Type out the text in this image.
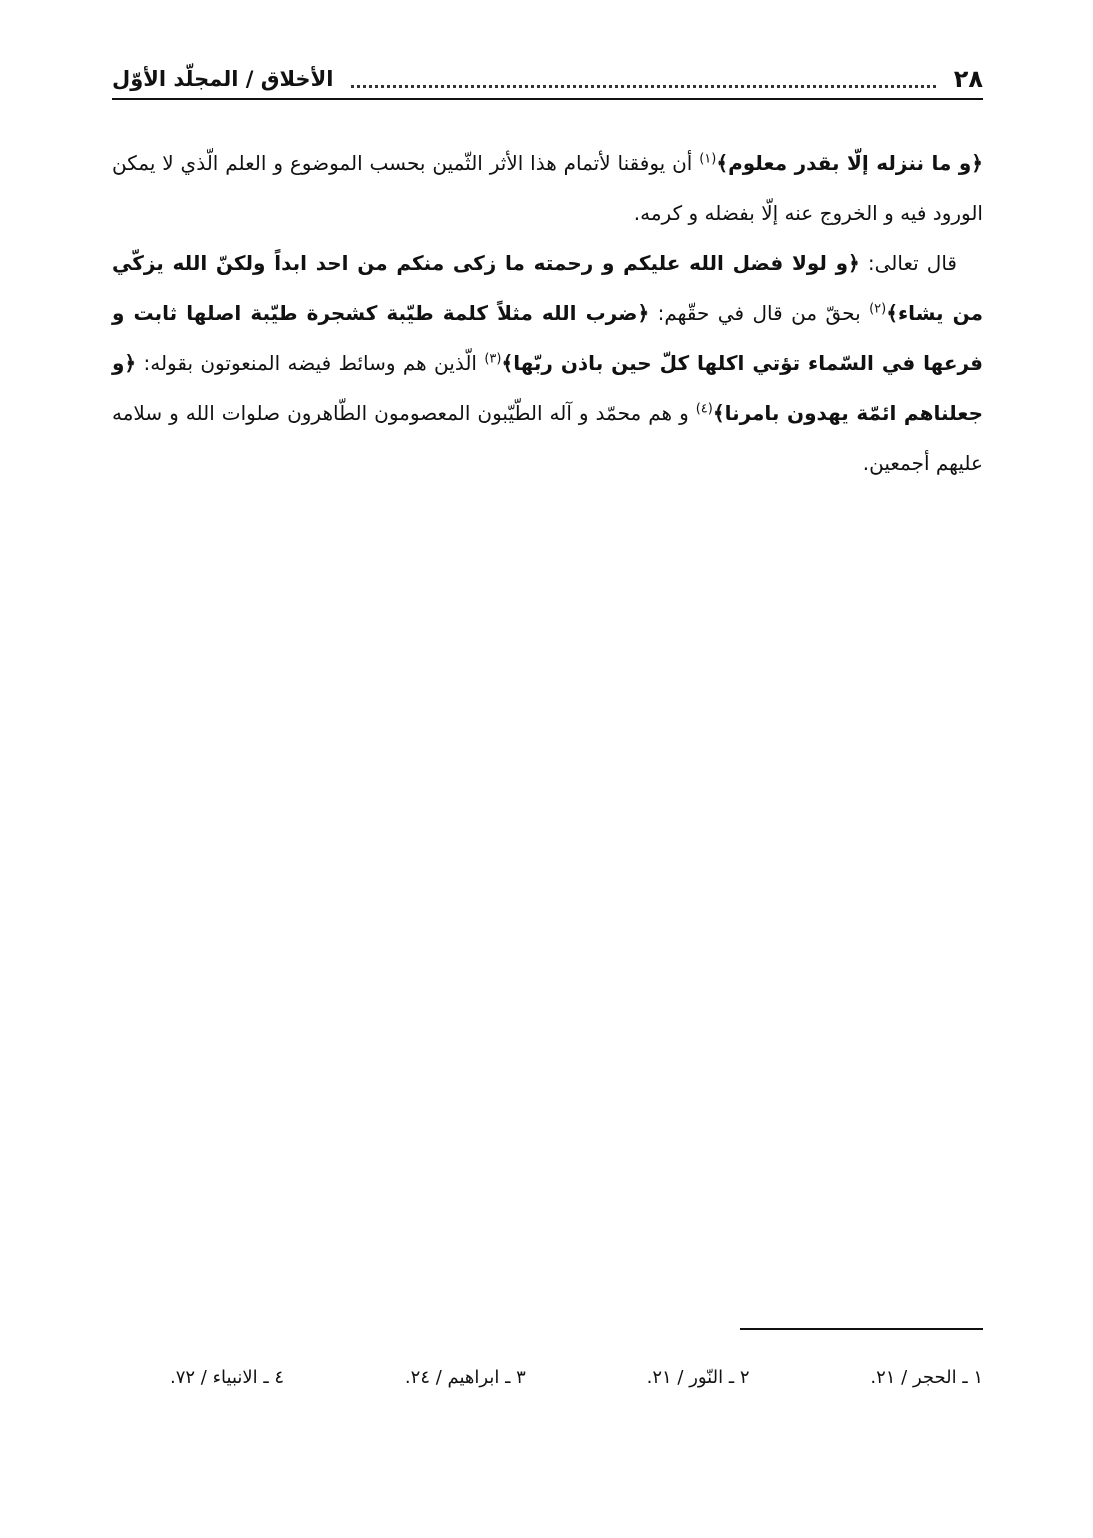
٢٨
الأخلاق / المجلّد الأوّل

﴿و ما ننزله إلّا بقدر معلوم﴾$^{(١)}$ أن يوفقنا لأتمام هذا الأثر الثّمين بحسب الموضوع و العلم الّذي لا يمكن الورود فيه و الخروج عنه إلّا بفضله و كرمه.

قال تعالى: ﴿و لولا فضل الله عليكم و رحمته ما زكى منكم من احد ابداً ولكنّ الله يزكّي من يشاء﴾$^{(٢)}$ بحقّ من قال في حقّهم: ﴿ضرب الله مثلاً كلمة طيّبة كشجرة طيّبة اصلها ثابت و فرعها في السّماء تؤتي اكلها كلّ حين باذن ربّها﴾$^{(٣)}$ الّذين هم وسائط فيضه المنعوتون بقوله: ﴿و جعلناهم ائمّة يهدون بامرنا﴾$^{(٤)}$ و هم محمّد و آله الطّيّبون المعصومون الطّاهرون صلوات الله و سلامه عليهم أجمعين.

١ ـ الحجر / ٢١.
٢ ـ النّور / ٢١.
٣ ـ ابراهيم / ٢٤.
٤ ـ الانبياء / ٧٢.
